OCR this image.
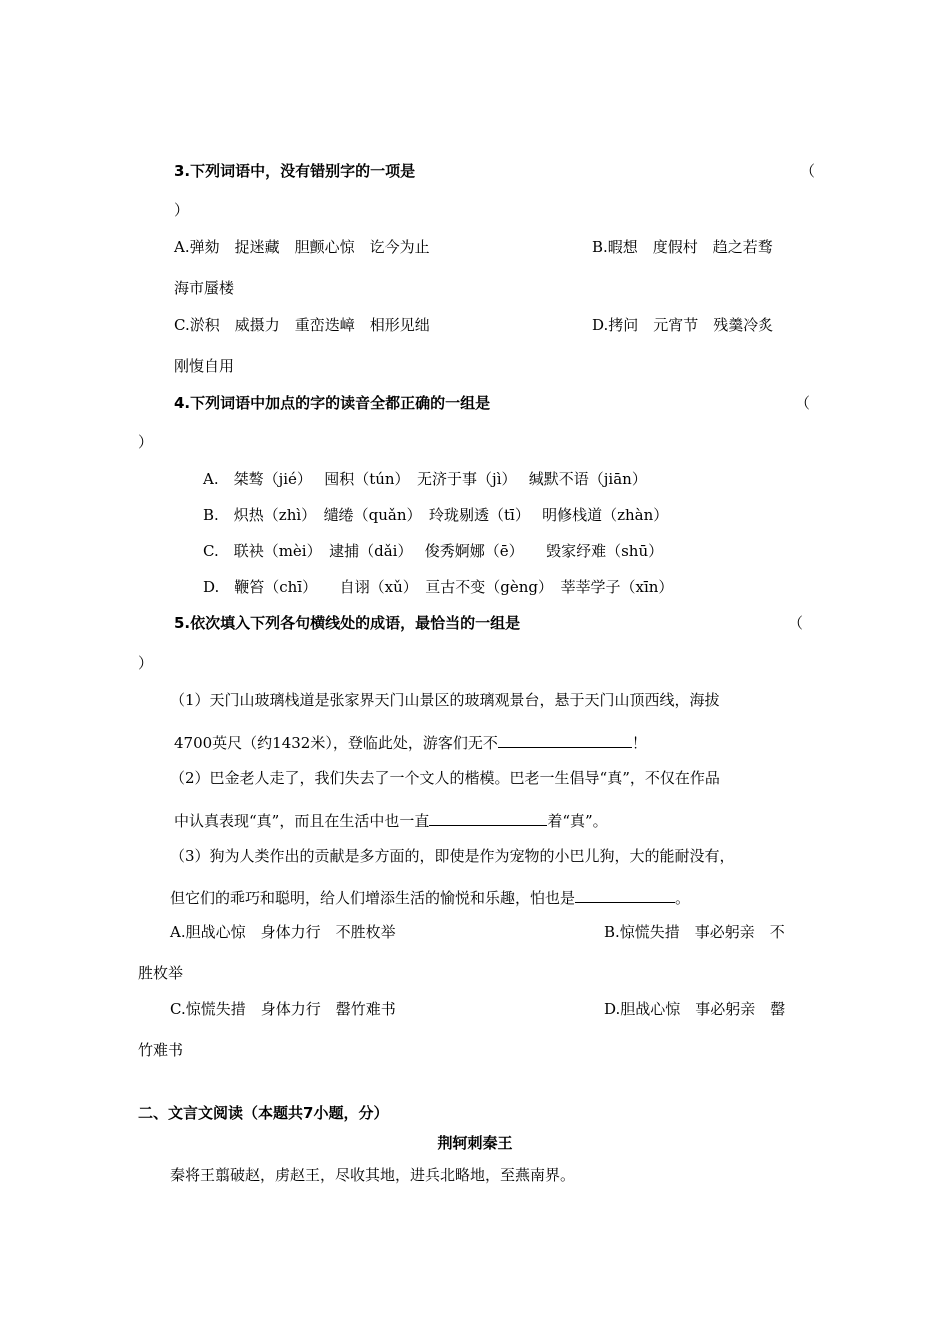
3.下列词语中，没有错别字的一项是	（
）
A.弹劾　捉迷藏　胆颤心惊　讫今为止	B.暇想　度假村　趋之若骛
海市蜃楼
C.淤积　威摄力　重峦迭嶂　相形见绌	D.拷问　元宵节　残羹冷炙
刚愎自用
4.下列词语中加点的字的读音全都正确的一组是	（
）
A.　桀骜（jié）　 囤积（tún）　无济于事（jì）　 缄默不语（jiān）
B.　炽热（zhì）　缱绻（quǎn）　玲珑剔透（tī）　 明修栈道（zhàn）
C.　联袂（mèi）　逮捕（dǎi）　 俊秀婀娜（ē）　　毁家纾难（shū）
D.　鞭笞（chī）　　自诩（xǔ）　亘古不变（gèng）　莘莘学子（xīn）
5.依次填入下列各句横线处的成语，最恰当的一组是	（
）
（1）天门山玻璃栈道是张家界天门山景区的玻璃观景台，悬于天门山顶西线，海拔
4700英尺（约1432米），登临此处，游客们无不	！
（2）巴金老人走了，我们失去了一个文人的楷模。巴老一生倡导“真”，不仅在作品
中认真表现“真”，而且在生活中也一直	着“真”。
（3）狗为人类作出的贡献是多方面的，即使是作为宠物的小巴儿狗，大的能耐没有，
但它们的乖巧和聪明，给人们增添生活的愉悦和乐趣，怕也是	。
A.胆战心惊　身体力行　不胜枚举	B.惊慌失措　事必躬亲　不
胜枚举
C.惊慌失措　身体力行　罄竹难书	D.胆战心惊　事必躬亲　罄
竹难书
二、文言文阅读（本题共7小题，分）
荆轲刺秦王
秦将王翦破赵，虏赵王，尽收其地，进兵北略地，至燕南界。
